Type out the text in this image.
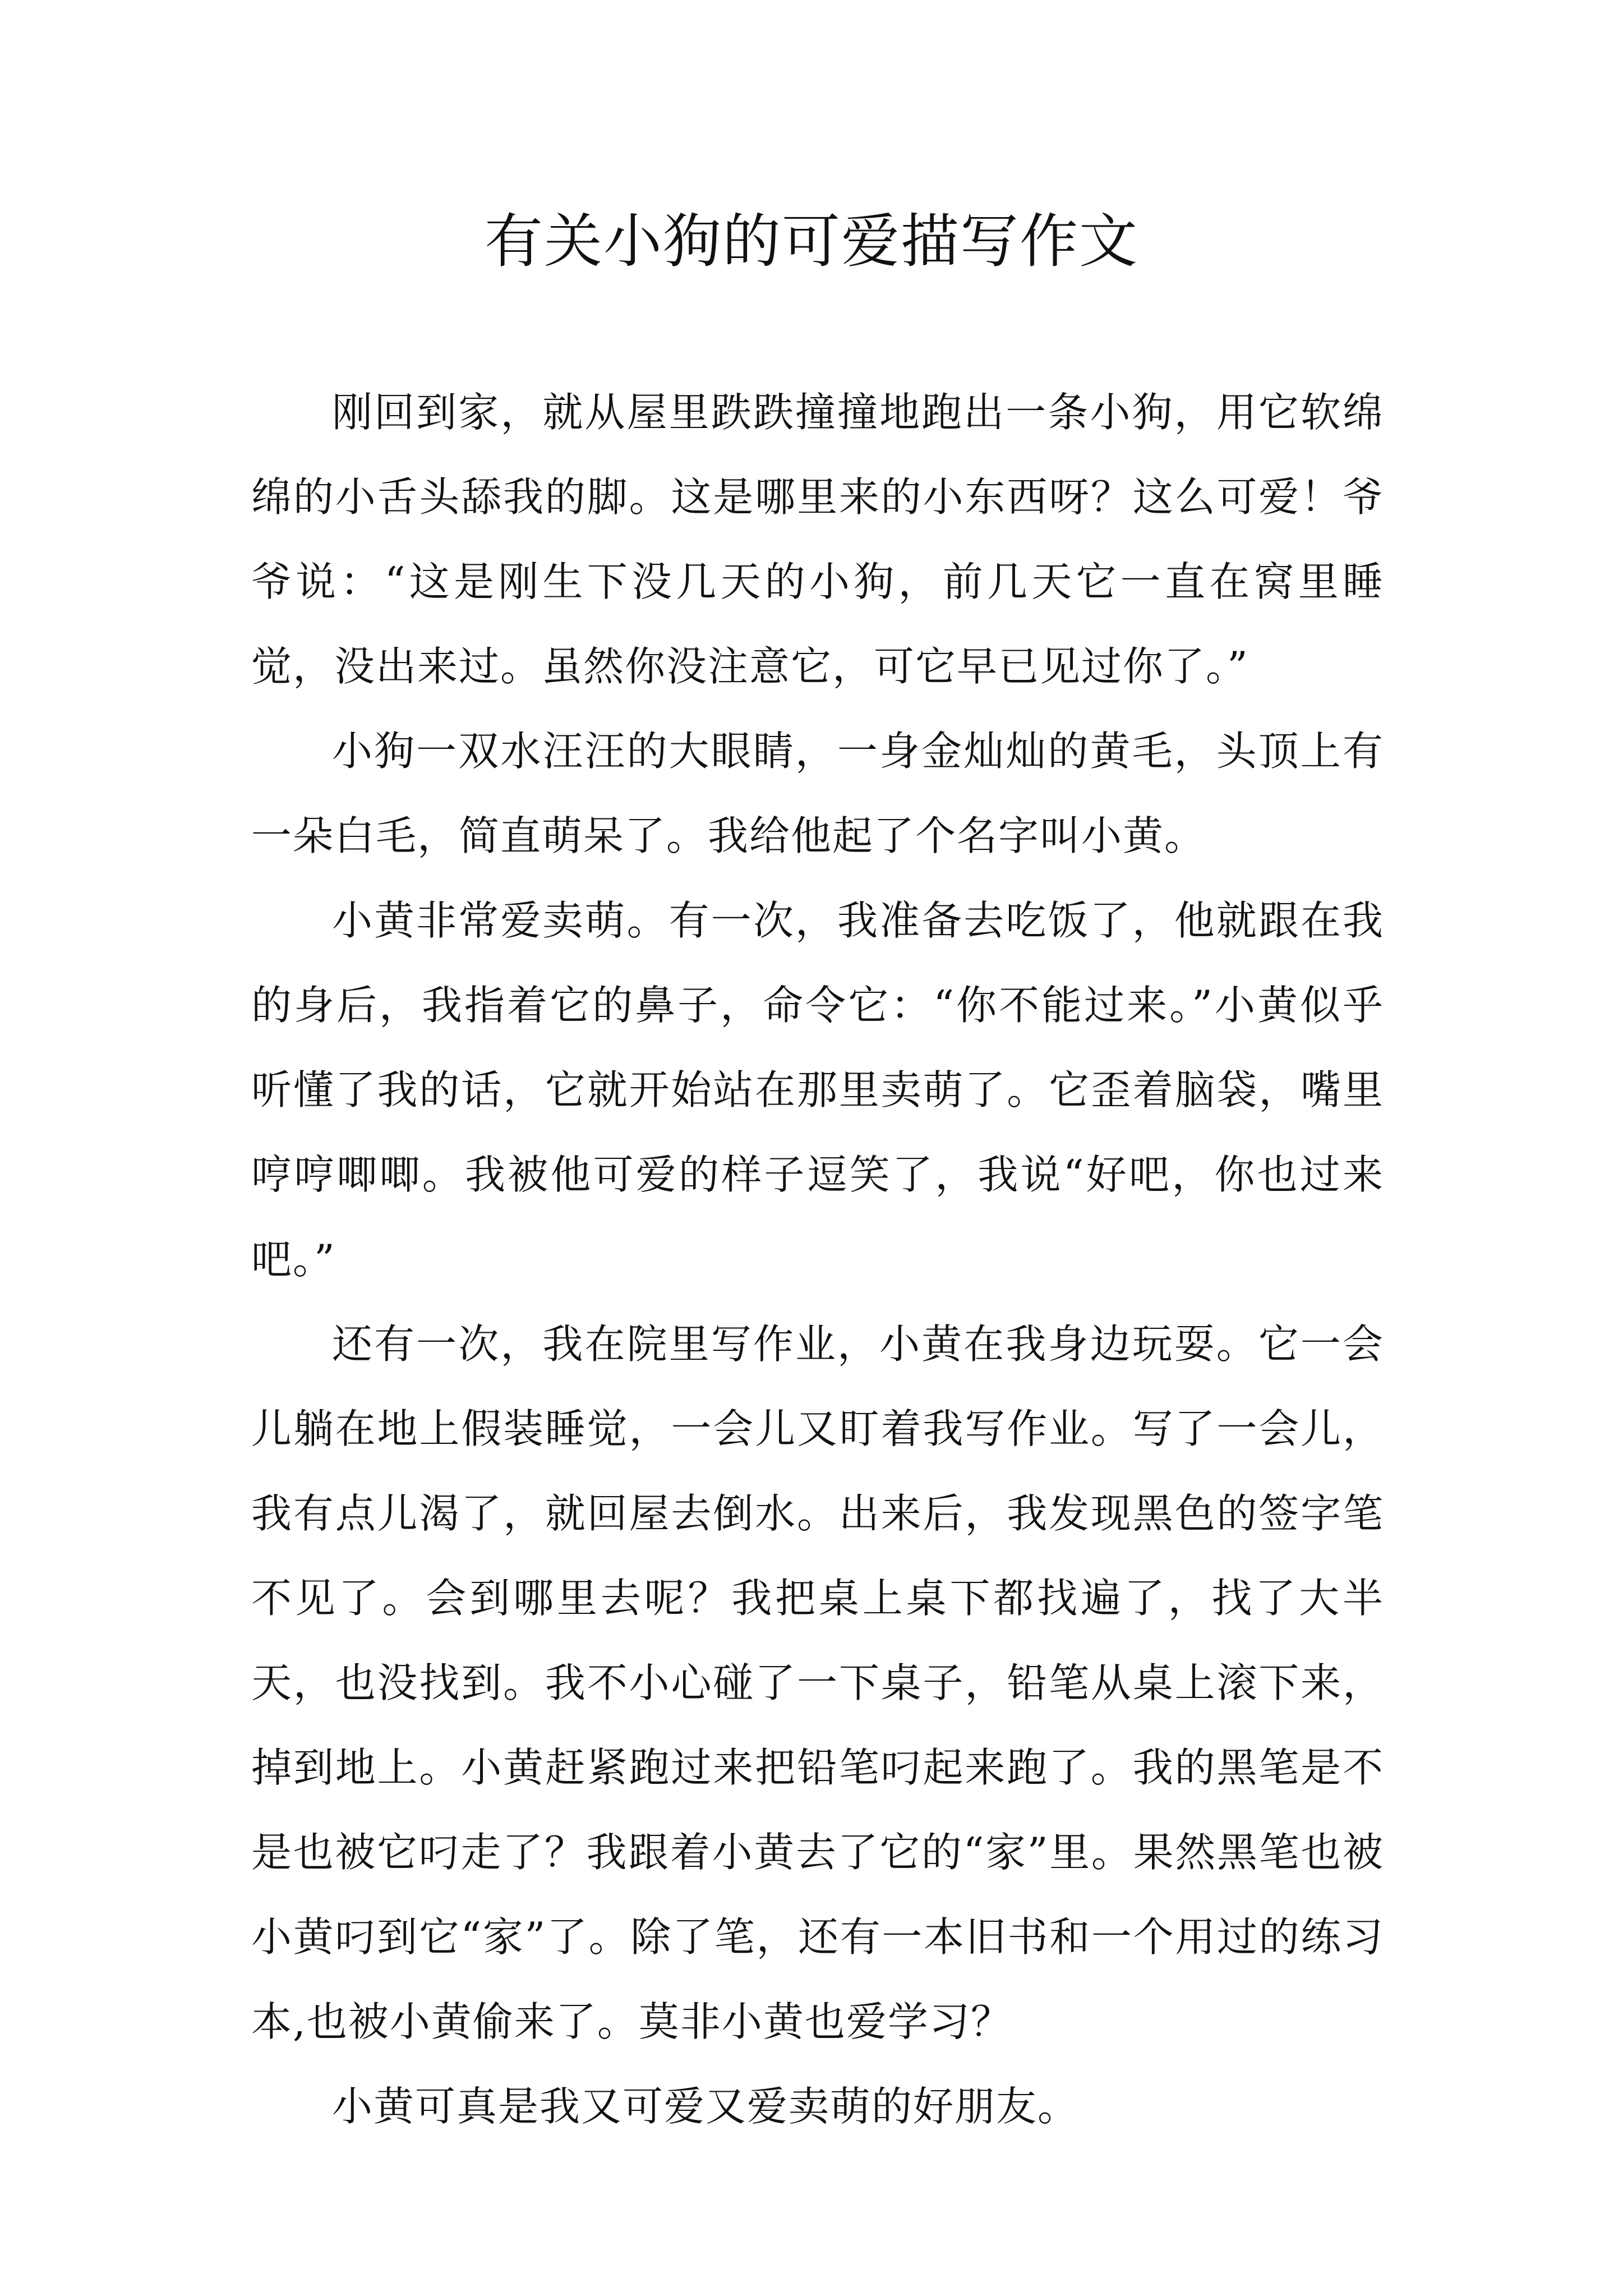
有关小狗的可爱描写作文

刚回到家，就从屋里跌跌撞撞地跑出一条小狗，用它软绵绵的小舌头舔我的脚。这是哪里来的小东西呀？这么可爱！爷爷说：“这是刚生下没几天的小狗，前几天它一直在窝里睡觉，没出来过。虽然你没注意它，可它早已见过你了。”

小狗一双水汪汪的大眼睛，一身金灿灿的黄毛，头顶上有一朵白毛，简直萌呆了。我给他起了个名字叫小黄。

小黄非常爱卖萌。有一次，我准备去吃饭了，他就跟在我的身后，我指着它的鼻子，命令它：“你不能过来。”小黄似乎听懂了我的话，它就开始站在那里卖萌了。它歪着脑袋，嘴里哼哼唧唧。我被他可爱的样子逗笑了，我说“好吧，你也过来吧。”

还有一次，我在院里写作业，小黄在我身边玩耍。它一会儿躺在地上假装睡觉，一会儿又盯着我写作业。写了一会儿，我有点儿渴了，就回屋去倒水。出来后，我发现黑色的签字笔不见了。会到哪里去呢？我把桌上桌下都找遍了，找了大半天，也没找到。我不小心碰了一下桌子，铅笔从桌上滚下来，掉到地上。小黄赶紧跑过来把铅笔叼起来跑了。我的黑笔是不是也被它叼走了？我跟着小黄去了它的“家”里。果然黑笔也被小黄叼到它“家”了。除了笔，还有一本旧书和一个用过的练习本,也被小黄偷来了。莫非小黄也爱学习？

小黄可真是我又可爱又爱卖萌的好朋友。
